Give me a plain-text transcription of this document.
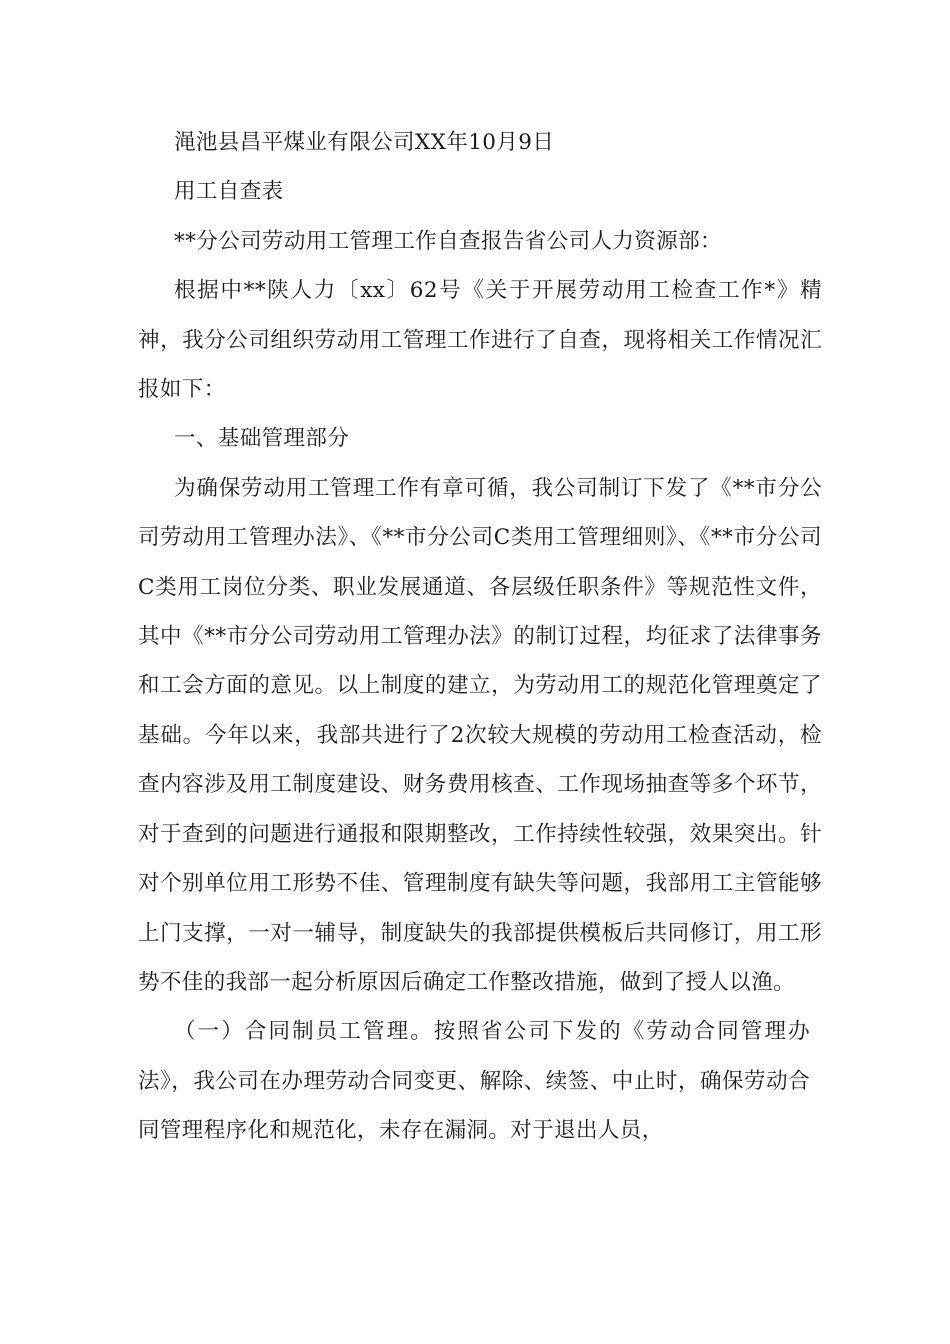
渑池县昌平煤业有限公司XX年10月9日

用工自查表

**分公司劳动用工管理工作自查报告省公司人力资源部：

根据中**陕人力〔xx〕62号《关于开展劳动用工检查工作*》精神，我分公司组织劳动用工管理工作进行了自查，现将相关工作情况汇报如下：

一、基础管理部分

为确保劳动用工管理工作有章可循，我公司制订下发了《**市分公司劳动用工管理办法》、《**市分公司C类用工管理细则》、《**市分公司C类用工岗位分类、职业发展通道、各层级任职条件》等规范性文件，其中《**市分公司劳动用工管理办法》的制订过程，均征求了法律事务和工会方面的意见。以上制度的建立，为劳动用工的规范化管理奠定了基础。今年以来，我部共进行了2次较大规模的劳动用工检查活动，检查内容涉及用工制度建设、财务费用核查、工作现场抽查等多个环节，对于查到的问题进行通报和限期整改，工作持续性较强，效果突出。针对个别单位用工形势不佳、管理制度有缺失等问题，我部用工主管能够上门支撑，一对一辅导，制度缺失的我部提供模板后共同修订，用工形势不佳的我部一起分析原因后确定工作整改措施，做到了授人以渔。

（一）合同制员工管理。按照省公司下发的《劳动合同管理办法》，我公司在办理劳动合同变更、解除、续签、中止时，确保劳动合同管理程序化和规范化，未存在漏洞。对于退出人员，
